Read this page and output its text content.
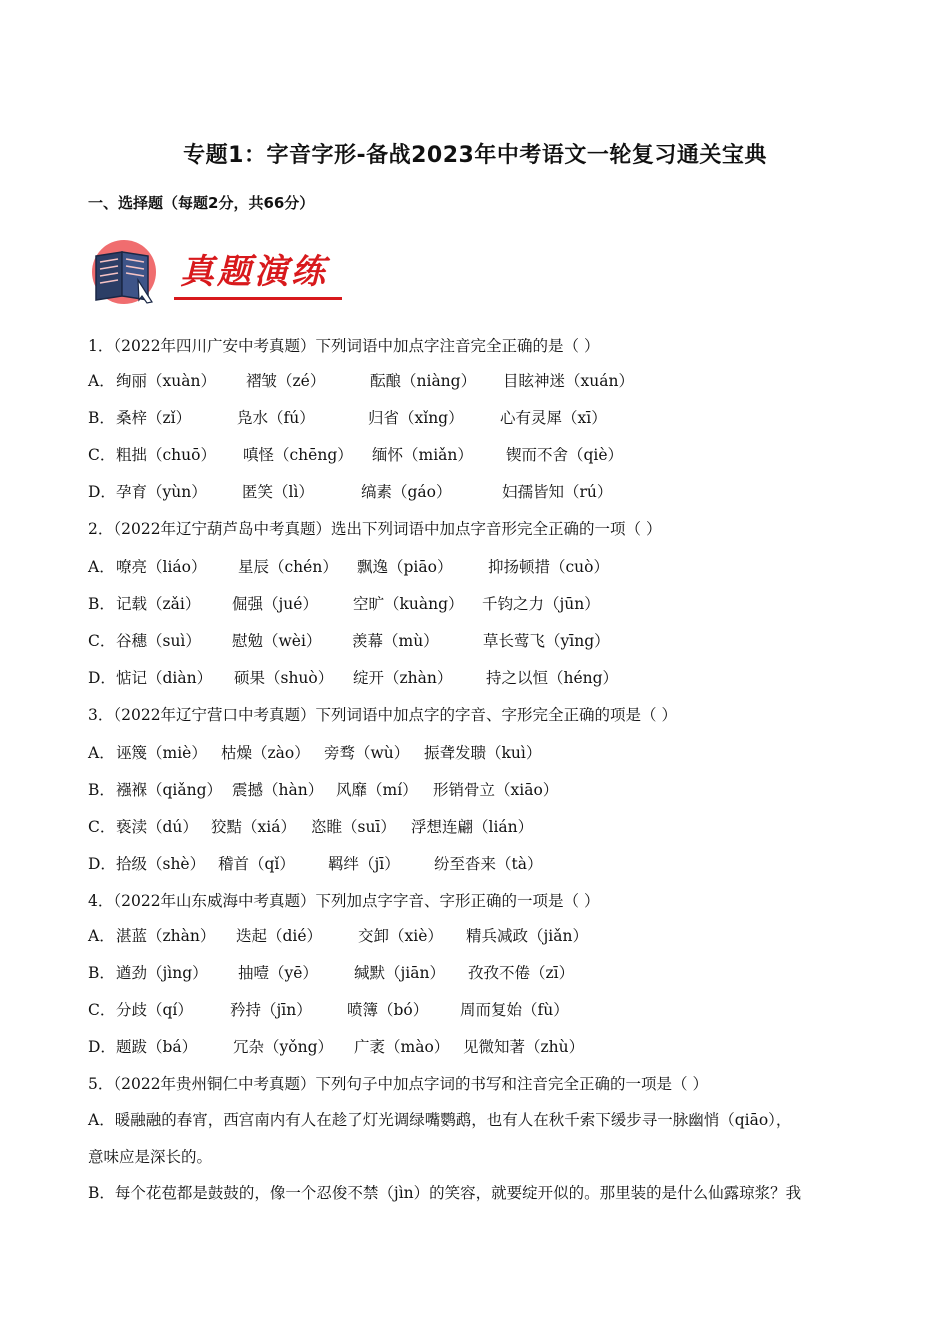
专题1：字音字形-备战2023年中考语文一轮复习通关宝典
一、选择题（每题2分，共66分）
真题演练
1．（2022年四川广安中考真题）下列词语中加点字注音完全正确的是（ ）
A． 绚丽（xuàn） 褶皱（zé）	酝酿（niàng） 目眩神迷（xuán）
B． 桑梓（zǐ）	凫水（fú）	归省（xǐng） 心有灵犀（xī）
C． 粗拙（chuō） 嗔怪（chēng） 缅怀（miǎn） 锲而不舍（qiè）
D． 孕育（yùn） 匿笑（lì）	缟素（gáo）	妇孺皆知（rú）
2．（2022年辽宁葫芦岛中考真题）选出下列词语中加点字音形完全正确的一项（ ）
A． 嘹亮（liáo） 星辰（chén） 飘逸（piāo） 抑扬顿措（cuò）
B． 记载（zǎi） 倔强（jué） 空旷（kuàng） 千钧之力（jūn）
C． 谷穗（suì） 慰勉（wèi） 羡幕（mù）	草长莺飞（yīng）
D． 惦记（diàn） 硕果（shuò） 绽开（zhàn） 持之以恒（héng）
3．（2022年辽宁营口中考真题）下列词语中加点字的字音、字形完全正确的项是（ ）
A． 诬篾（miè） 枯燥（zào） 旁骛（wù） 振聋发聩（kuì）
B． 襁褓（qiǎng） 震撼（hàn） 风靡（mí） 形销骨立（xiāo）
C． 亵渎（dú） 狡黠（xiá） 恣睢（suī） 浮想连翩（lián）
D． 拾级（shè） 稽首（qǐ） 羁绊（jī） 纷至沓来（tà）
4．（2022年山东威海中考真题）下列加点字字音、字形正确的一项是（ ）
A． 湛蓝（zhàn） 迭起（dié） 交卸（xiè） 精兵减政（jiǎn）
B． 遒劲（jìng） 抽噎（yē） 缄默（jiān） 孜孜不倦（zī）
C． 分歧（qí） 矜持（jīn） 喷簿（bó） 周而复始（fù）
D． 题跋（bá） 冗杂（yǒng） 广袤（mào） 见微知著（zhù）
5．（2022年贵州铜仁中考真题）下列句子中加点字词的书写和注音完全正确的一项是（ ）
A．暖融融的春宵，西宫南内有人在趁了灯光调绿嘴鹦鹉，也有人在秋千索下缓步寻一脉幽悄（qiāo），
意味应是深长的。
B．每个花苞都是鼓鼓的，像一个忍俊不禁（jìn）的笑容，就要绽开似的。那里装的是什么仙露琼浆？我
